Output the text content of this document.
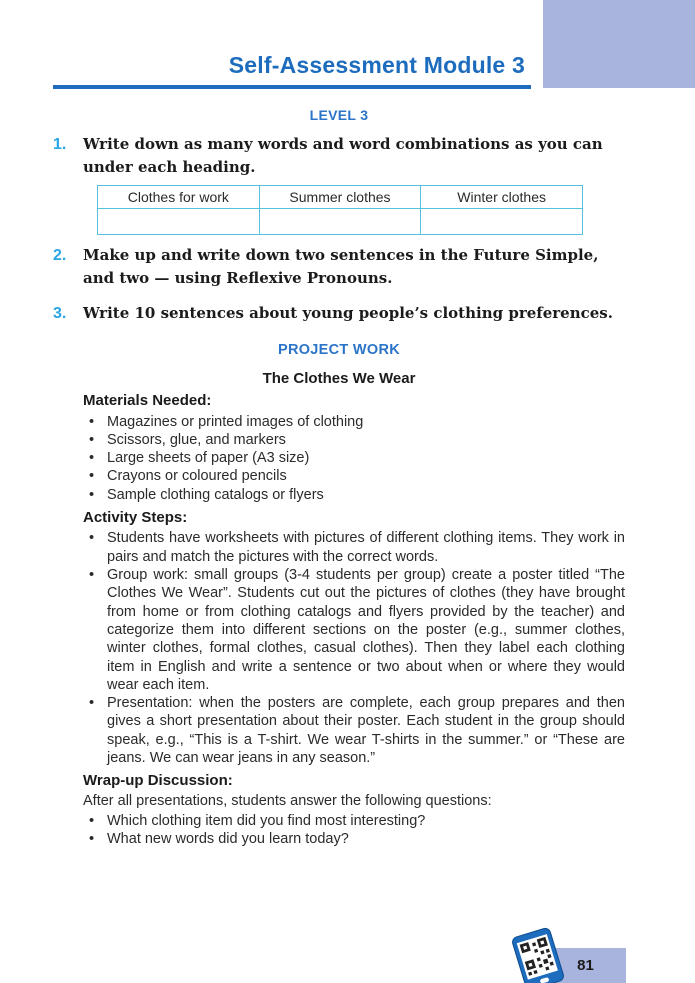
Self-Assessment Module 3
LEVEL 3
1.	Write down as many words and word combinations as you can under each heading.
Clothes for work	Summer clothes	Winter clothes

2.	Make up and write down two sentences in the Future Simple, and two — using Reflexive Pronouns.
3.	Write 10 sentences about young people’s clothing preferences.
PROJECT WORK
The Clothes We Wear
Materials Needed:
• Magazines or printed images of clothing
• Scissors, glue, and markers
• Large sheets of paper (A3 size)
• Crayons or coloured pencils
• Sample clothing catalogs or flyers
Activity Steps:
• Students have worksheets with pictures of different clothing items. They work in pairs and match the pictures with the correct words.
• Group work: small groups (3-4 students per group) create a poster titled “The Clothes We Wear”. Students cut out the pictures of clothes (they have brought from home or from clothing catalogs and flyers provided by the teacher) and categorize them into different sections on the poster (e.g., summer clothes, winter clothes, formal clothes, casual clothes). Then they label each clothing item in English and write a sentence or two about when or where they would wear each item.
• Presentation: when the posters are complete, each group prepares and then gives a short presentation about their poster. Each student in the group should speak, e.g., “This is a T-shirt. We wear T-shirts in the summer.” or “These are jeans. We can wear jeans in any season.”
Wrap-up Discussion:
After all presentations, students answer the following questions:
• Which clothing item did you find most interesting?
• What new words did you learn today?
81
